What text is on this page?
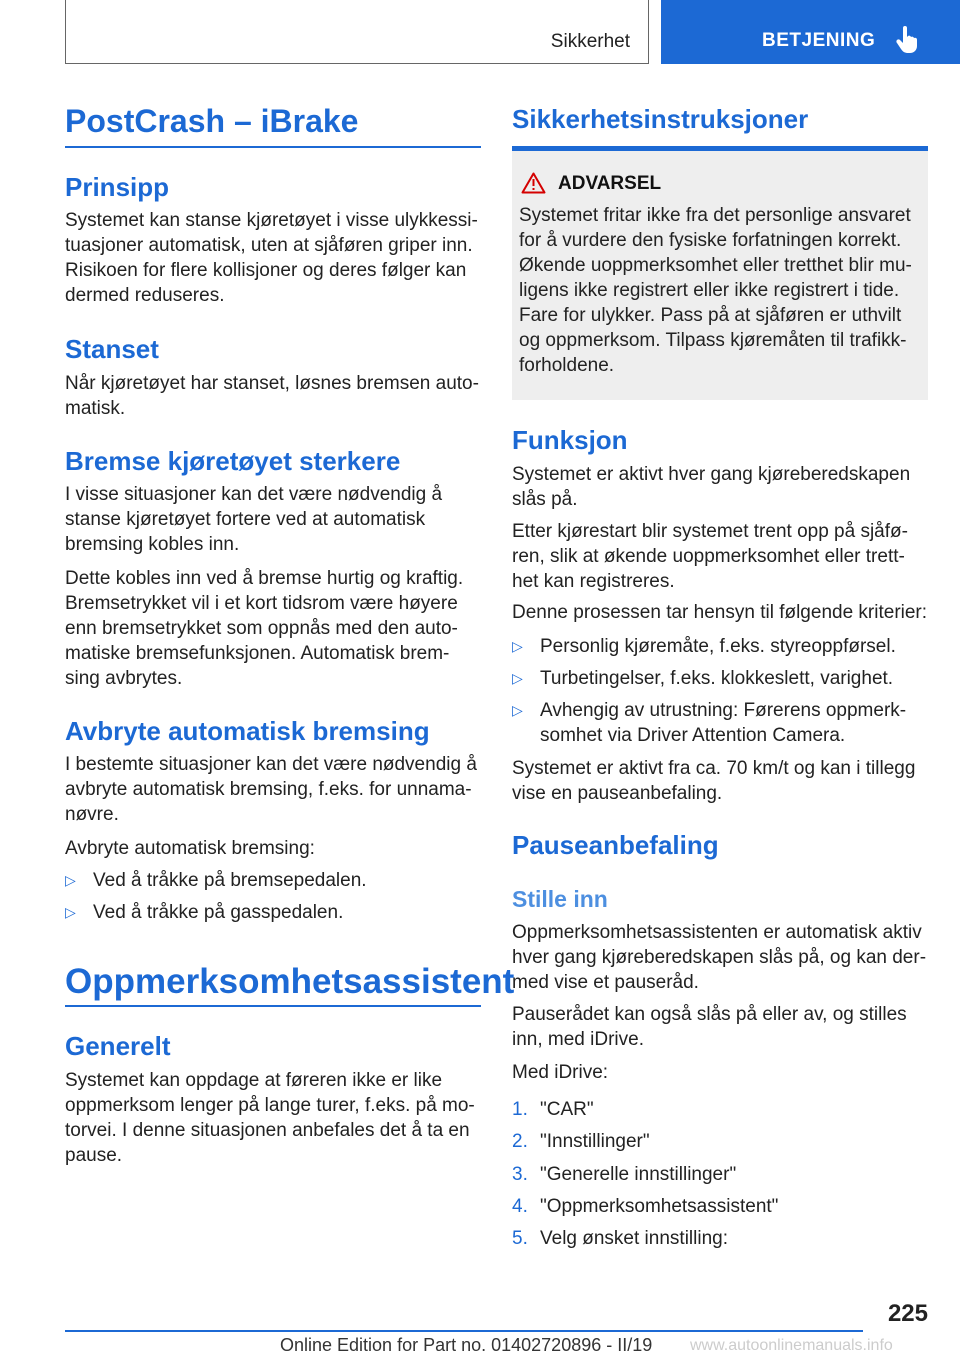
Sikkerhet	BETJENING
PostCrash – iBrake
Prinsipp
Systemet kan stanse kjøretøyet i visse ulykkessi-tuasjoner automatisk, uten at sjåføren griper inn. Risikoen for flere kollisjoner og deres følger kan dermed reduseres.
Stanset
Når kjøretøyet har stanset, løsnes bremsen auto-matisk.
Bremse kjøretøyet sterkere
I visse situasjoner kan det være nødvendig å stanse kjøretøyet fortere ved at automatisk bremsing kobles inn.
Dette kobles inn ved å bremse hurtig og kraftig. Bremsetrykket vil i et kort tidsrom være høyere enn bremsetrykket som oppnås med den auto-matiske bremsefunksjonen. Automatisk brem-sing avbrytes.
Avbryte automatisk bremsing
I bestemte situasjoner kan det være nødvendig å avbryte automatisk bremsing, f.eks. for unnama-nøvre.
Avbryte automatisk bremsing:
▷ Ved å tråkke på bremsepedalen.
▷ Ved å tråkke på gasspedalen.
Oppmerksomhetsassistent
Generelt
Systemet kan oppdage at føreren ikke er like oppmerksom lenger på lange turer, f.eks. på mo-torvei. I denne situasjonen anbefales det å ta en pause.
Sikkerhetsinstruksjoner
ADVARSEL
Systemet fritar ikke fra det personlige ansvaret for å vurdere den fysiske forfatningen korrekt. Økende uoppmerksomhet eller tretthet blir mu-ligens ikke registrert eller ikke registrert i tide. Fare for ulykker. Pass på at sjåføren er uthvilt og oppmerksom. Tilpass kjøremåten til trafikk-forholdene.
Funksjon
Systemet er aktivt hver gang kjøreberedskapen slås på.
Etter kjørestart blir systemet trent opp på sjåfø-ren, slik at økende uoppmerksomhet eller trett-het kan registreres.
Denne prosessen tar hensyn til følgende kriterier:
▷ Personlig kjøremåte, f.eks. styreoppførsel.
▷ Turbetingelser, f.eks. klokkeslett, varighet.
▷ Avhengig av utrustning: Førerens oppmerk-somhet via Driver Attention Camera.
Systemet er aktivt fra ca. 70 km/t og kan i tillegg vise en pauseanbefaling.
Pauseanbefaling
Stille inn
Oppmerksomhetsassistenten er automatisk aktiv hver gang kjøreberedskapen slås på, og kan der-med vise et pauseråd.
Pauserådet kan også slås på eller av, og stilles inn, med iDrive.
Med iDrive:
1. "CAR"
2. "Innstillinger"
3. "Generelle innstillinger"
4. "Oppmerksomhetsassistent"
5. Velg ønsket innstilling:
225
Online Edition for Part no. 01402720896 - II/19 www.autoonlinemanuals.info
